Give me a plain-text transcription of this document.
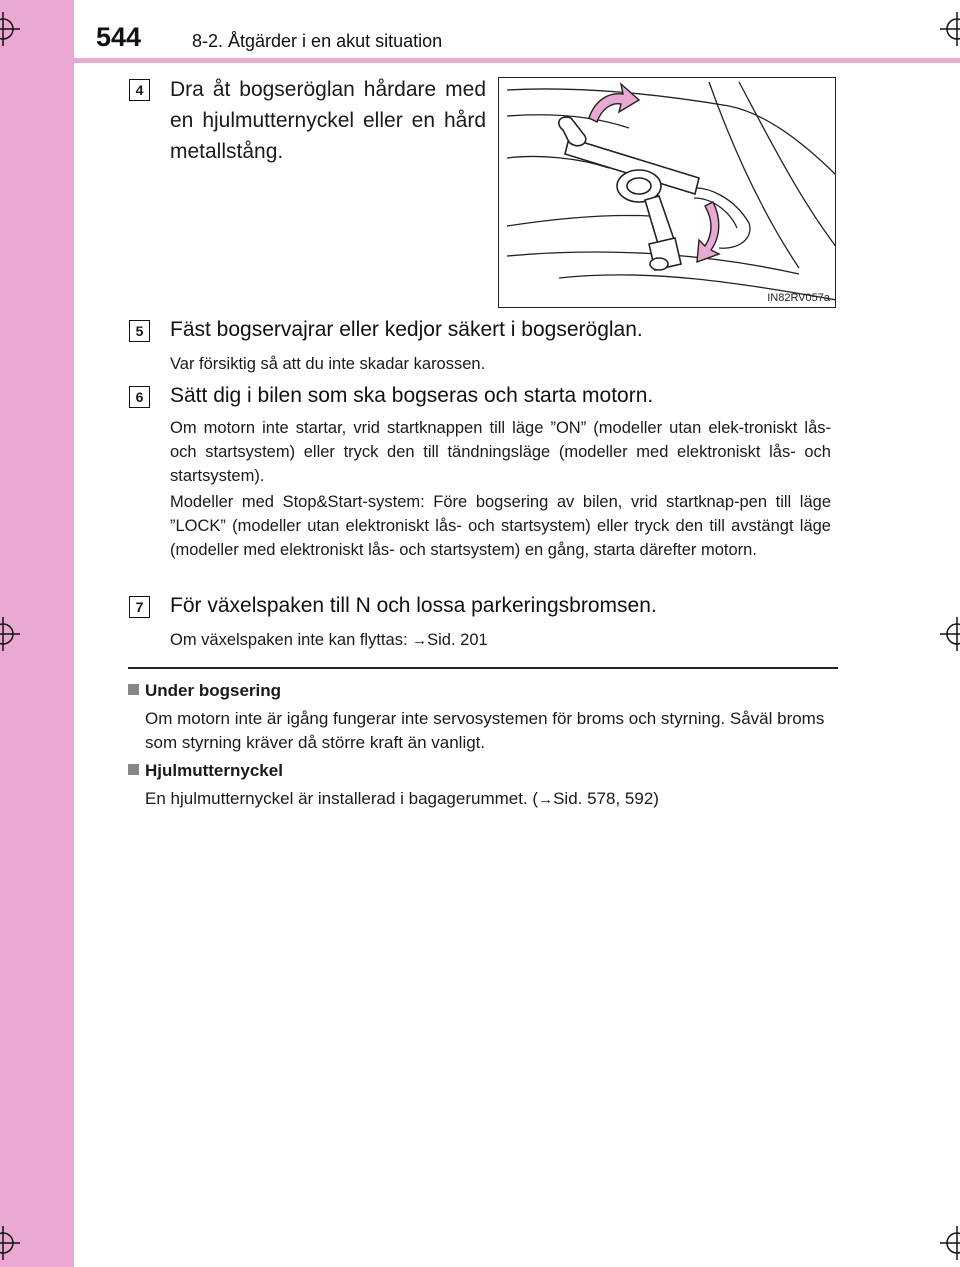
544	8-2. Åtgärder i en akut situation
4	Dra åt bogseröglan hårdare med en hjulmutternyckel eller en hård metallstång.
IN82RV057a
5	Fäst bogservajrar eller kedjor säkert i bogseröglan.
Var försiktig så att du inte skadar karossen.
6	Sätt dig i bilen som ska bogseras och starta motorn.
Om motorn inte startar, vrid startknappen till läge ”ON” (modeller utan elek-troniskt lås- och startsystem) eller tryck den till tändningsläge (modeller med elektroniskt lås- och startsystem).
Modeller med Stop&Start-system: Före bogsering av bilen, vrid startknap-pen till läge ”LOCK” (modeller utan elektroniskt lås- och startsystem) eller tryck den till avstängt läge (modeller med elektroniskt lås- och startsystem) en gång, starta därefter motorn.
7	För växelspaken till N och lossa parkeringsbromsen.
Om växelspaken inte kan flyttas: →Sid. 201
Under bogsering
Om motorn inte är igång fungerar inte servosystemen för broms och styrning. Såväl broms som styrning kräver då större kraft än vanligt.
Hjulmutternyckel
En hjulmutternyckel är installerad i bagagerummet. (→Sid. 578, 592)
